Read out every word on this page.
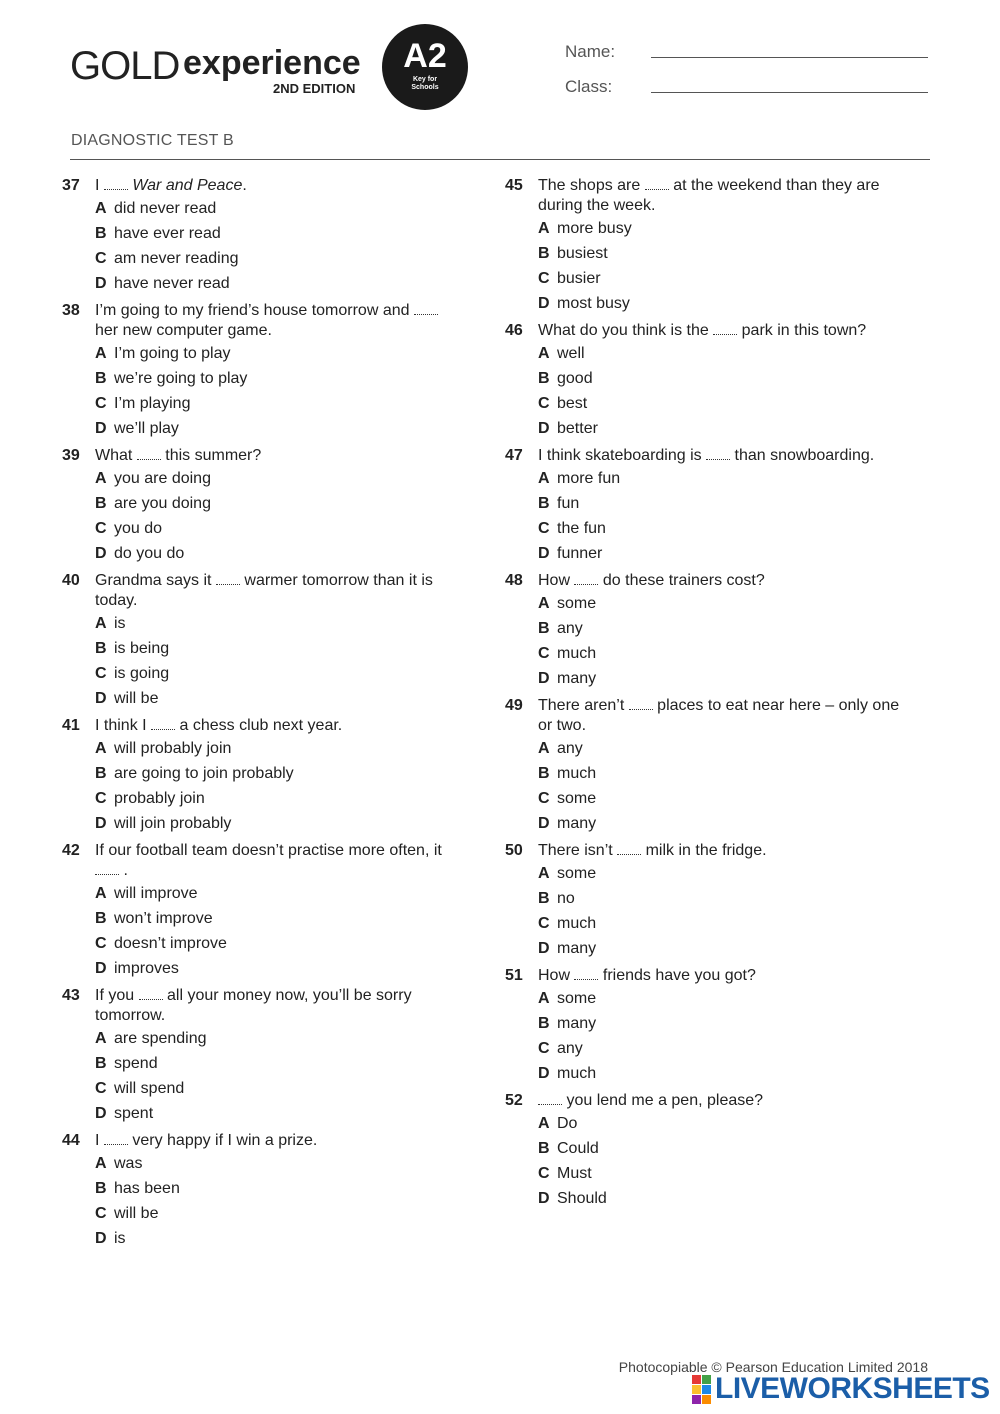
GOLD experience
2ND EDITION
A2
Key for Schools
Name:
Class:
DIAGNOSTIC TEST B
37 I  War and Peace.
A did never read
B have ever read
C am never reading
D have never read
38 I’m going to my friend’s house tomorrow and  her new computer game.
A I’m going to play
B we’re going to play
C I’m playing
D we’ll play
39 What  this summer?
A you are doing
B are you doing
C you do
D do you do
40 Grandma says it  warmer tomorrow than it is today.
A is
B is being
C is going
D will be
41 I think I  a chess club next year.
A will probably join
B are going to join probably
C probably join
D will join probably
42 If our football team doesn’t practise more often, it  .
A will improve
B won’t improve
C doesn’t improve
D improves
43 If you  all your money now, you’ll be sorry tomorrow.
A are spending
B spend
C will spend
D spent
44 I  very happy if I win a prize.
A was
B has been
C will be
D is
45 The shops are  at the weekend than they are during the week.
A more busy
B busiest
C busier
D most busy
46 What do you think is the  park in this town?
A well
B good
C best
D better
47 I think skateboarding is  than snowboarding.
A more fun
B fun
C the fun
D funner
48 How  do these trainers cost?
A some
B any
C much
D many
49 There aren’t  places to eat near here – only one or two.
A any
B much
C some
D many
50 There isn’t  milk in the fridge.
A some
B no
C much
D many
51 How  friends have you got?
A some
B many
C any
D much
52	you lend me a pen, please?
A Do
B Could
C Must
D Should
Photocopiable © Pearson Education Limited 2018
LIVEWORKSHEETS
